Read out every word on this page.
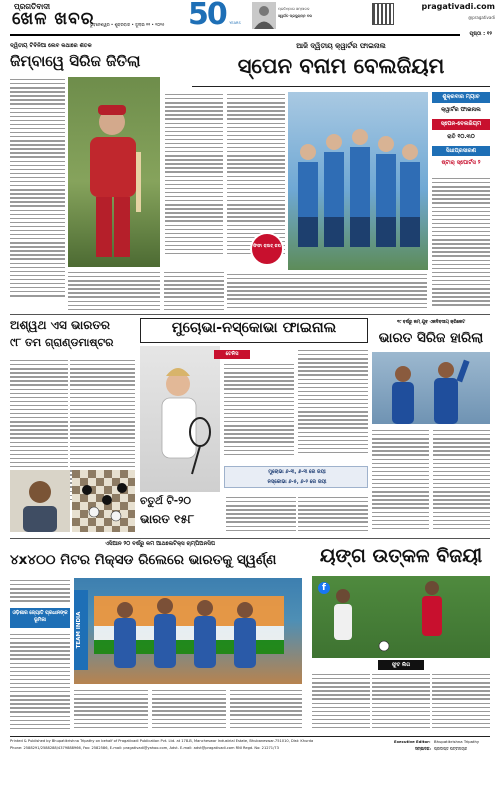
ପ୍ରଗତିବାଦୀ
ଖେଳ ଖବର
ଭୁବନେଶ୍ୱର • ଶୁକ୍ରବାର • ଜୁଲାଇ ୧୧ • ୨୦୨୫ 50	YEARS
ପ୍ରତିଷ୍ଠାତା ସମ୍ପାଦକ
ସ୍ୱର୍ଗତ ପ୍ରଦ୍ୟୁମ୍ନ ବଳ
pragativadi.com
@pragativadi
ପୃଷ୍ଠା : ୧୨
ଦ୍ୱିତୀୟ ଟିବିନିଆ ଲେବ କଥାରେ ଶତକ
ଜିମ୍ବାୱେ ସିରିଜ ଜିତିଲା
ଆଜି ଦ୍ୱିତୀୟ କ୍ୱାର୍ଟର ଫାଇନାଲ
ସ୍ପେନ ବନାମ ବେଲଜିୟମ
ଫିଫା କ୍ଲବ୍‌ କପ
ଶୁକ୍ରବାର ମ୍ୟାଚ
କ୍ୱାର୍ଟର ଫାଇନାଲ
ସ୍ପେନ-ବେଲଜିୟମ
ରାତି ୧୦.୩୦
ସିଧାପ୍ରସାରଣ
ଷ୍ଟାର୍‌ ସ୍ପୋର୍ଟସ ୨
ଅଶ୍ୱଥ ଏସ ଭାରତର
୯୮ ତମ ଗ୍ରାଣ୍ଡମାଷ୍ଟର
ମୁଚୋଭା-ନସ୍କୋଭା ଫାଇନାଲ
ଟେନିସ
ମୁଚୋଭା ୬-୩, ୬-୩ ରେ ଜୟୀ
ନସ୍କୋଭା ୬-୫, ୬-୨ ରେ ଜୟୀ
ଚତୁର୍ଥ ଟି-୨୦
ଭାରତ ୧୫୮
୧୯ ବର୍ଷରୁ କମ୍‌ ଯୁବ ଏକଦିବସୀୟ କ୍ରିକେଟ
ଭାରତ ସିରିଜ ହାରିଲା
ଏସିଆନ ୨୦ ବର୍ଷରୁ କମ ଆଥଲେଟିକ୍ସ ଚାମ୍ପିଅନସିପ
୪x୪୦୦ ମିଟର ମିକ୍ସଡ ରିଲେରେ ଭାରତକୁ ସ୍ୱର୍ଣ୍ଣ
ଓଡ଼ିଶାର ଜ୍ୟୋତି ପ୍ରଧାନଙ୍କ ଭୂମିକା	TEAM INDIA
ୟଙ୍ଗ ଉତ୍କଳ ବିଜୟୀ
f
ଫୁଟ ଲିଗ
Printed & Published by Bhupatikrishna Tripathy on behalf of Pragativadi Publication Pvt. Ltd. at 178-B, Mancheswar Industrial Estate, Bhubaneswar-751010, Dist: Khurda
Phone: 2588291/2588288/4379888966, Fax: 2582586, E-mail: pragativadi@yahoo.com, Advt. E-mail: advt@pragativadi.com RNI Regd. No: 21271/73
Executive Editor: Bhupatikrishna Tripathy
ସମ୍ପାଦକ: ପ୍ରଦୀପ୍ତ ପଟ୍ଟନାୟକ
